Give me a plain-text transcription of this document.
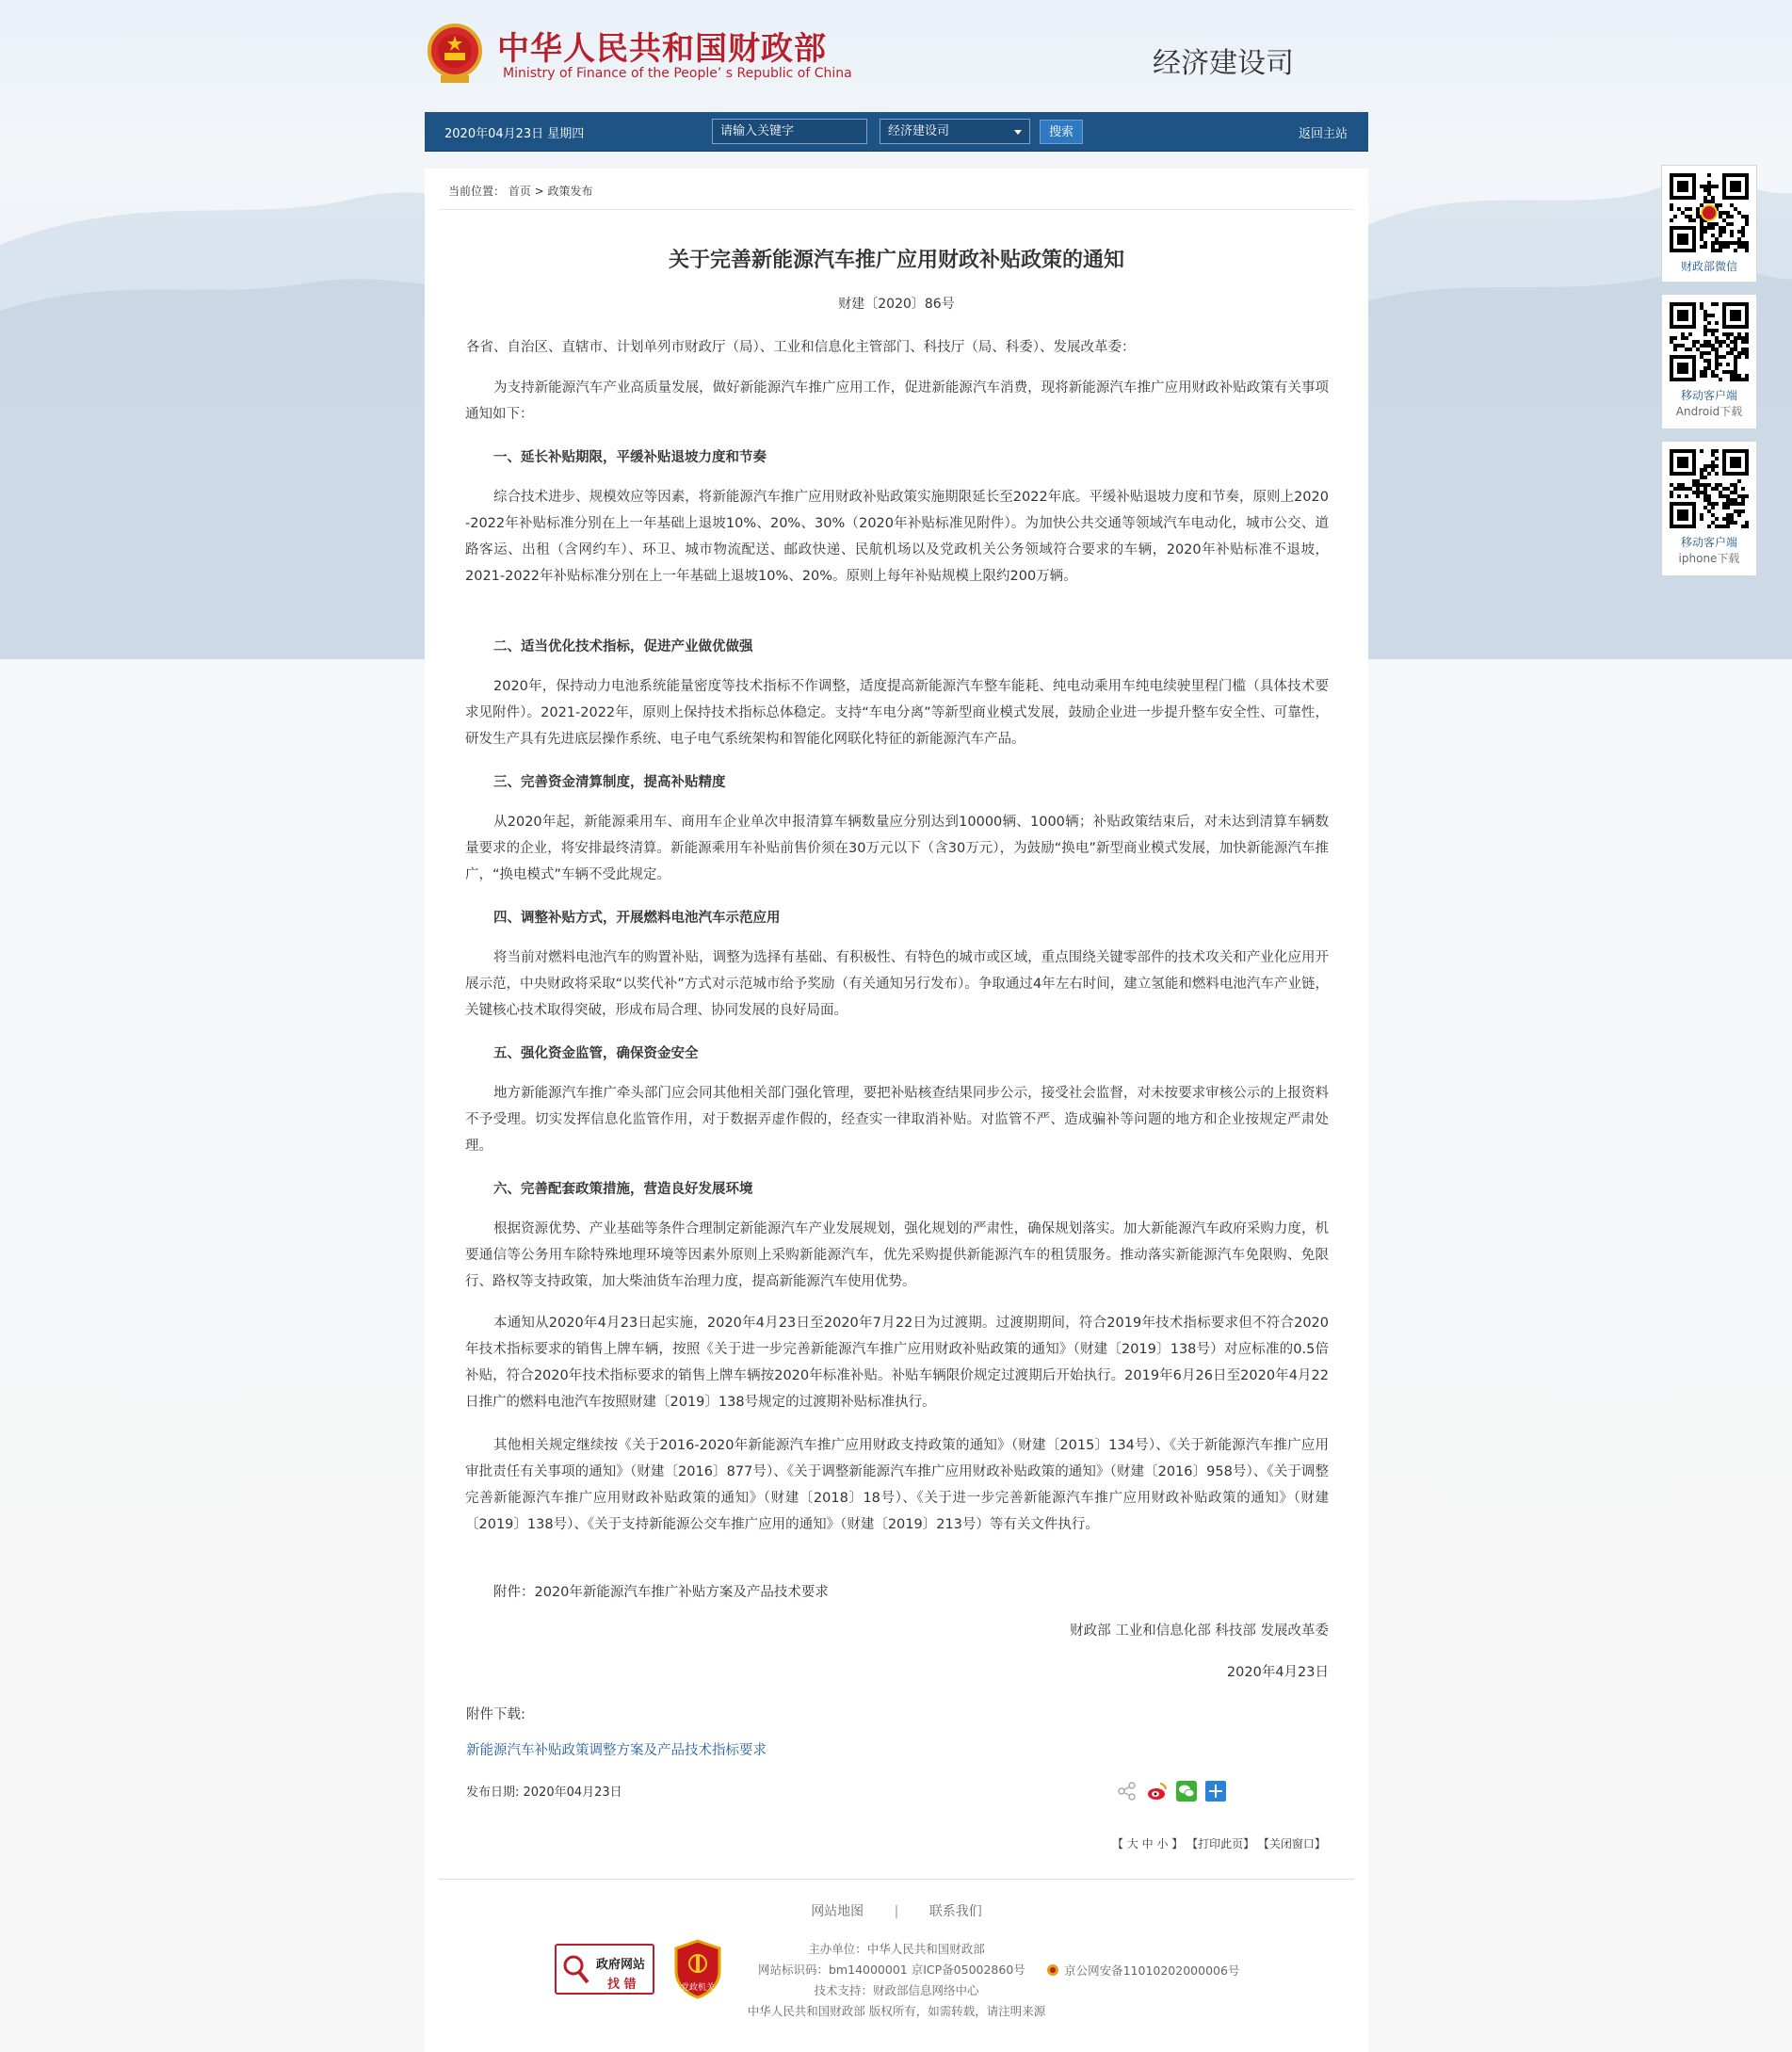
中华人民共和国财政部
Ministry of Finance of the People’ s Republic of China	经济建设司
2020年04月23日 星期四	请输入关键字	经济建设司	搜索	返回主站
当前位置： 首页 > 政策发布
关于完善新能源汽车推广应用财政补贴政策的通知
财建〔2020〕86号
各省、自治区、直辖市、计划单列市财政厅（局）、工业和信息化主管部门、科技厅（局、科委）、发展改革委：
为支持新能源汽车产业高质量发展，做好新能源汽车推广应用工作，促进新能源汽车消费，现将新能源汽车推广应用财政补贴政策有关事项通知如下：
一、延长补贴期限，平缓补贴退坡力度和节奏
综合技术进步、规模效应等因素，将新能源汽车推广应用财政补贴政策实施期限延长至2022年底。平缓补贴退坡力度和节奏，原则上2020 -2022年补贴标准分别在上一年基础上退坡10%、20%、30%（2020年补贴标准见附件）。为加快公共交通等领域汽车电动化，城市公交、道路客运、出租（含网约车）、环卫、城市物流配送、邮政快递、民航机场以及党政机关公务领域符合要求的车辆，2020年补贴标准不退坡，2021-2022年补贴标准分别在上一年基础上退坡10%、20%。原则上每年补贴规模上限约200万辆。
二、适当优化技术指标，促进产业做优做强
2020年，保持动力电池系统能量密度等技术指标不作调整，适度提高新能源汽车整车能耗、纯电动乘用车纯电续驶里程门槛（具体技术要求见附件）。2021-2022年，原则上保持技术指标总体稳定。支持“车电分离”等新型商业模式发展，鼓励企业进一步提升整车安全性、可靠性，研发生产具有先进底层操作系统、电子电气系统架构和智能化网联化特征的新能源汽车产品。
三、完善资金清算制度，提高补贴精度
从2020年起，新能源乘用车、商用车企业单次申报清算车辆数量应分别达到10000辆、1000辆；补贴政策结束后，对未达到清算车辆数量要求的企业，将安排最终清算。新能源乘用车补贴前售价须在30万元以下（含30万元），为鼓励“换电”新型商业模式发展，加快新能源汽车推广，“换电模式”车辆不受此规定。
四、调整补贴方式，开展燃料电池汽车示范应用
将当前对燃料电池汽车的购置补贴，调整为选择有基础、有积极性、有特色的城市或区域，重点围绕关键零部件的技术攻关和产业化应用开展示范，中央财政将采取“以奖代补”方式对示范城市给予奖励（有关通知另行发布）。争取通过4年左右时间，建立氢能和燃料电池汽车产业链，关键核心技术取得突破，形成布局合理、协同发展的良好局面。
五、强化资金监管，确保资金安全
地方新能源汽车推广牵头部门应会同其他相关部门强化管理，要把补贴核查结果同步公示，接受社会监督，对未按要求审核公示的上报资料不予受理。切实发挥信息化监管作用，对于数据弄虚作假的，经查实一律取消补贴。对监管不严、造成骗补等问题的地方和企业按规定严肃处理。
六、完善配套政策措施，营造良好发展环境
根据资源优势、产业基础等条件合理制定新能源汽车产业发展规划，强化规划的严肃性，确保规划落实。加大新能源汽车政府采购力度，机要通信等公务用车除特殊地理环境等因素外原则上采购新能源汽车，优先采购提供新能源汽车的租赁服务。推动落实新能源汽车免限购、免限行、路权等支持政策，加大柴油货车治理力度，提高新能源汽车使用优势。
本通知从2020年4月23日起实施，2020年4月23日至2020年7月22日为过渡期。过渡期期间，符合2019年技术指标要求但不符合2020年技术指标要求的销售上牌车辆，按照《关于进一步完善新能源汽车推广应用财政补贴政策的通知》（财建〔2019〕138号）对应标准的0.5倍补贴，符合2020年技术指标要求的销售上牌车辆按2020年标准补贴。补贴车辆限价规定过渡期后开始执行。2019年6月26日至2020年4月22日推广的燃料电池汽车按照财建〔2019〕138号规定的过渡期补贴标准执行。
其他相关规定继续按《关于2016-2020年新能源汽车推广应用财政支持政策的通知》（财建〔2015〕134号）、《关于新能源汽车推广应用审批责任有关事项的通知》（财建〔2016〕877号）、《关于调整新能源汽车推广应用财政补贴政策的通知》（财建〔2016〕958号）、《关于调整完善新能源汽车推广应用财政补贴政策的通知》（财建〔2018〕18号）、《关于进一步完善新能源汽车推广应用财政补贴政策的通知》（财建〔2019〕138号）、《关于支持新能源公交车推广应用的通知》（财建〔2019〕213号）等有关文件执行。
附件：2020年新能源汽车推广补贴方案及产品技术要求
财政部 工业和信息化部 科技部 发展改革委
2020年4月23日
附件下载:
新能源汽车补贴政策调整方案及产品技术指标要求
发布日期: 2020年04月23日
【 大 中 小 】 【打印此页】 【关闭窗口】
网站地图 | 联系我们
政府网站
找 错	党政机关
主办单位：中华人民共和国财政部
网站标识码：bm14000001 京ICP备05002860号	京公网安备11010202000006号
技术支持：财政部信息网络中心
中华人民共和国财政部 版权所有，如需转载，请注明来源
财政部微信
移动客户端
Android下载
移动客户端
iphone下载
